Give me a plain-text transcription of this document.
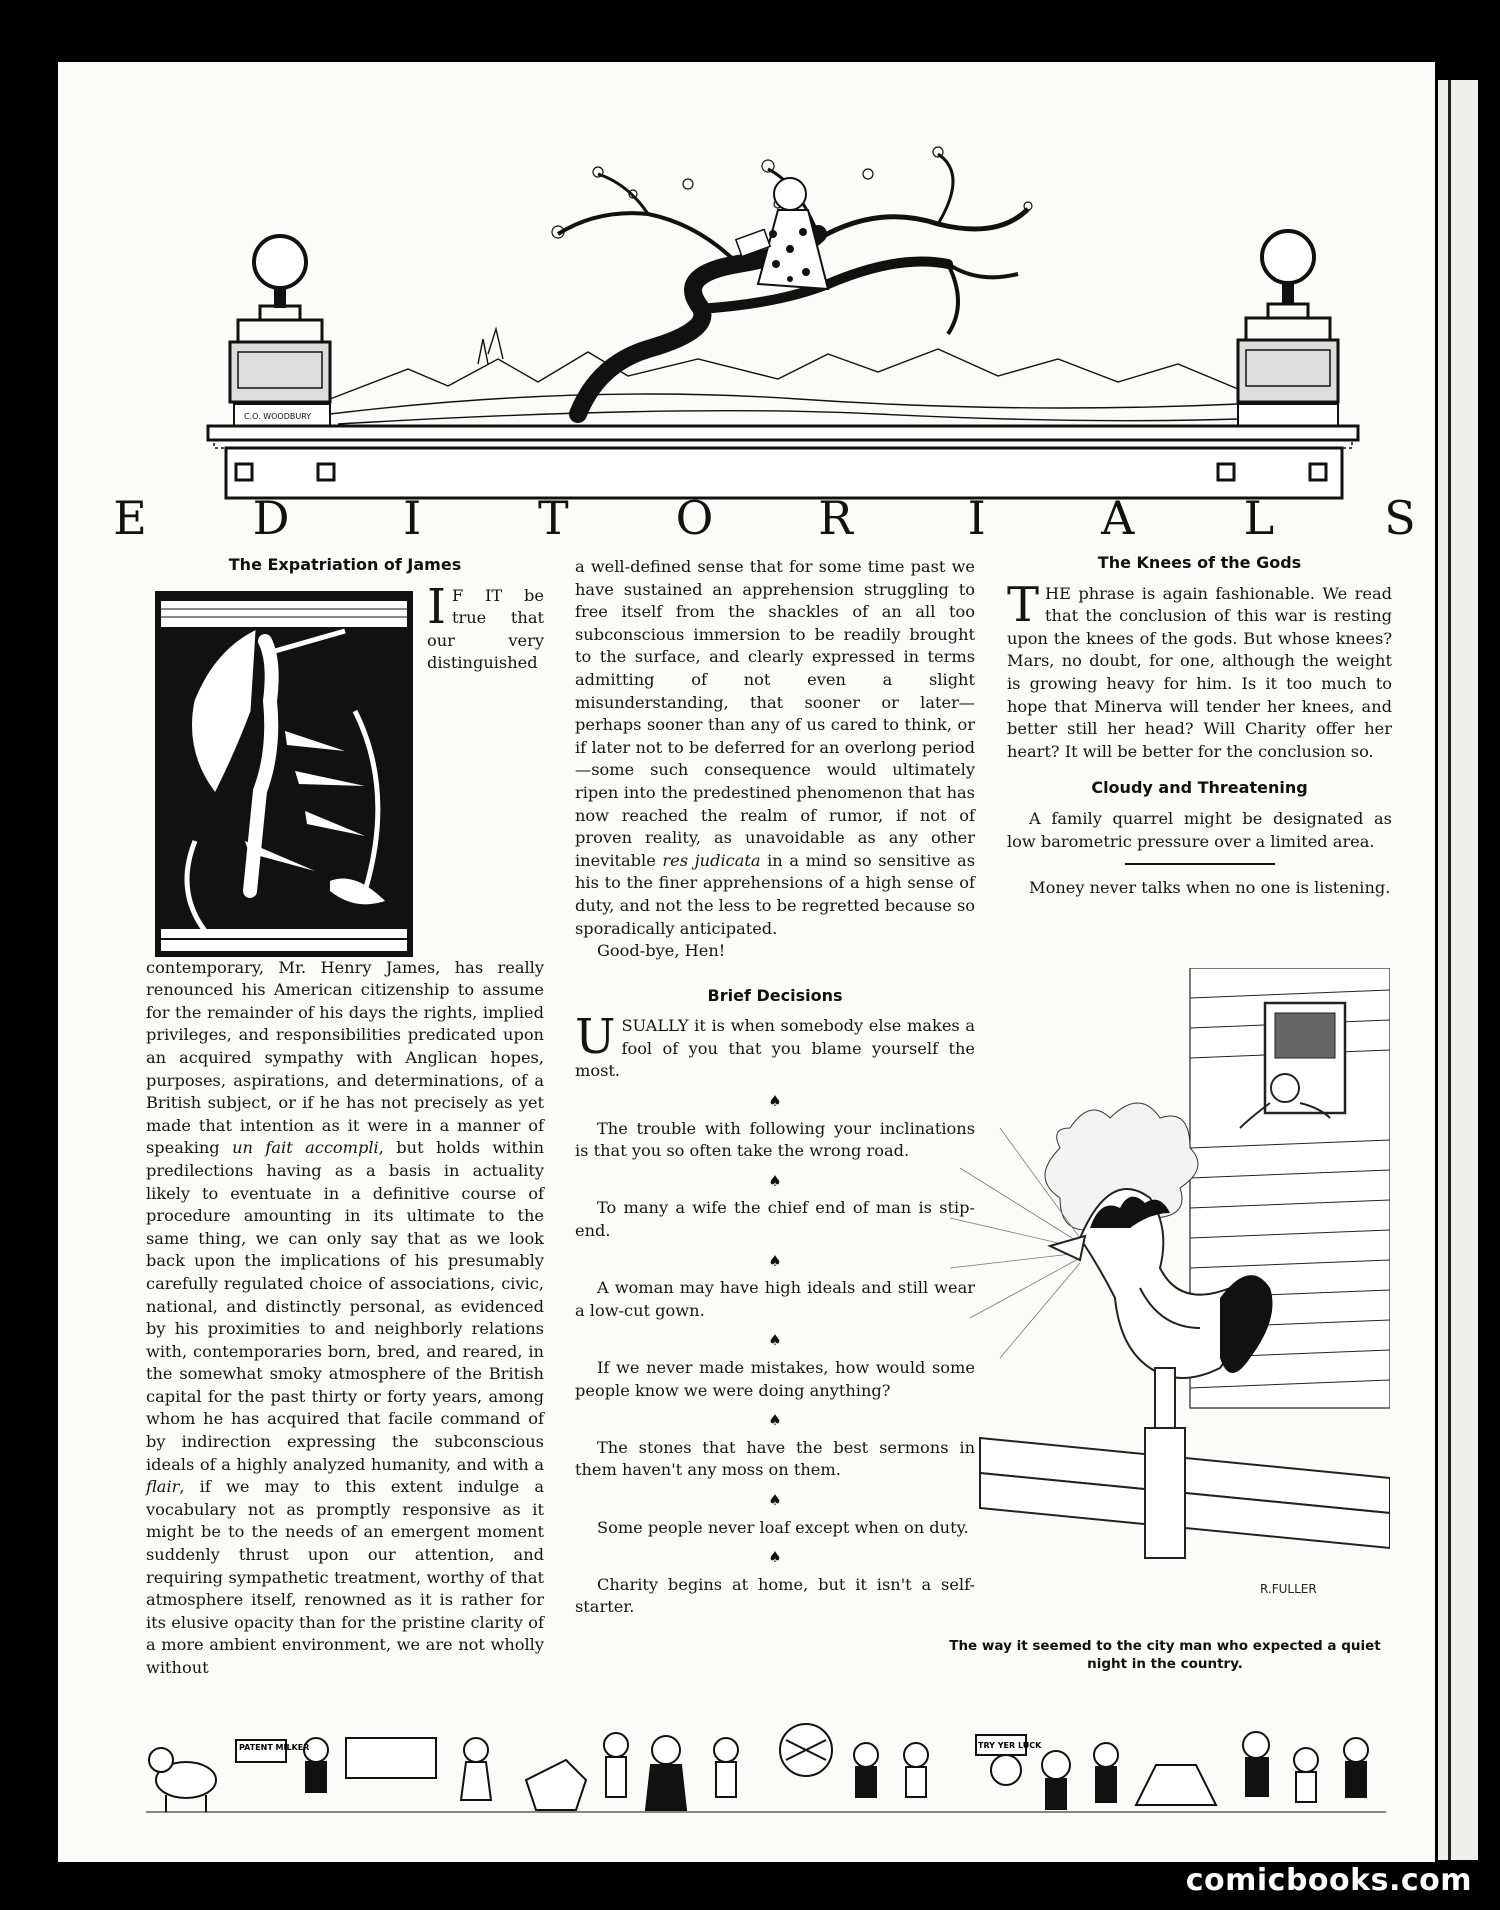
C.O. WOODBURY
E D	I	T	O R	I	A	L	S
The Expatriation of James

I F IT be true that our very distinguished contemporary, Mr. Henry James, has really renounced his American citizenship to assume for the remainder of his days the rights, implied privileges, and responsibilities predicated upon an acquired sympathy with Anglican hopes, purposes, aspirations, and determinations, of a British subject, or if he has not precisely as yet made that intention as it were in a manner of speaking un fait accompli, but holds within predilections having as a basis in actuality likely to eventuate in a definitive course of procedure amounting in its ultimate to the same thing, we can only say that as we look back upon the implications of his presumably carefully regulated choice of associations, civic, national, and distinctly personal, as evidenced by his proximities to and neighborly relations with, contemporaries born, bred, and reared, in the somewhat smoky atmosphere of the British capital for the past thirty or forty years, among whom he has acquired that facile command of by indirection expressing the subconscious ideals of a highly analyzed humanity, and with a flair, if we may to this extent indulge a vocabulary not as promptly responsive as it might be to the needs of an emergent moment suddenly thrust upon our attention, and requiring sympathetic treatment, worthy of that atmosphere itself, renowned as it is rather for its elusive opacity than for the pristine clarity of a more ambient environment, we are not wholly without

a well-defined sense that for some time past we have sustained an apprehension struggling to free itself from the shackles of an all too subconscious immersion to be readily brought to the surface, and clearly expressed in terms admitting of not even a slight misunderstanding, that sooner or later—perhaps sooner than any of us cared to think, or if later not to be deferred for an overlong period—some such consequence would ultimately ripen into the predestined phenomenon that has now reached the realm of rumor, if not of proven reality, as unavoidable as any other inevitable res judicata in a mind so sensitive as his to the finer apprehensions of a high sense of duty, and not the less to be regretted because so sporadically anticipated.

Good-bye, Hen!

Brief Decisions

USUALLY it is when somebody else makes a fool of you that you blame yourself the most.

♠

The trouble with following your inclinations is that you so often take the wrong road.

♠

To many a wife the chief end of man is stip-end.

♠

A woman may have high ideals and still wear a low-cut gown.

♠

If we never made mistakes, how would some people know we were doing anything?

♠

The stones that have the best sermons in them haven't any moss on them.

♠

Some people never loaf except when on duty.

♠

Charity begins at home, but it isn't a self-starter.

The Knees of the Gods

THE phrase is again fashionable. We read that the conclusion of this war is resting upon the knees of the gods. But whose knees? Mars, no doubt, for one, although the weight is growing heavy for him. Is it too much to hope that Minerva will tender her knees, and better still her head? Will Charity offer her heart? It will be better for the conclusion so.

Cloudy and Threatening

A family quarrel might be designated as low barometric pressure over a limited area.

Money never talks when no one is listening.

R.FULLER
The way it seemed to the city man who expected a quiet night in the country.
PATENT MILKER	TRY YER LUCK
comicbooks.com
